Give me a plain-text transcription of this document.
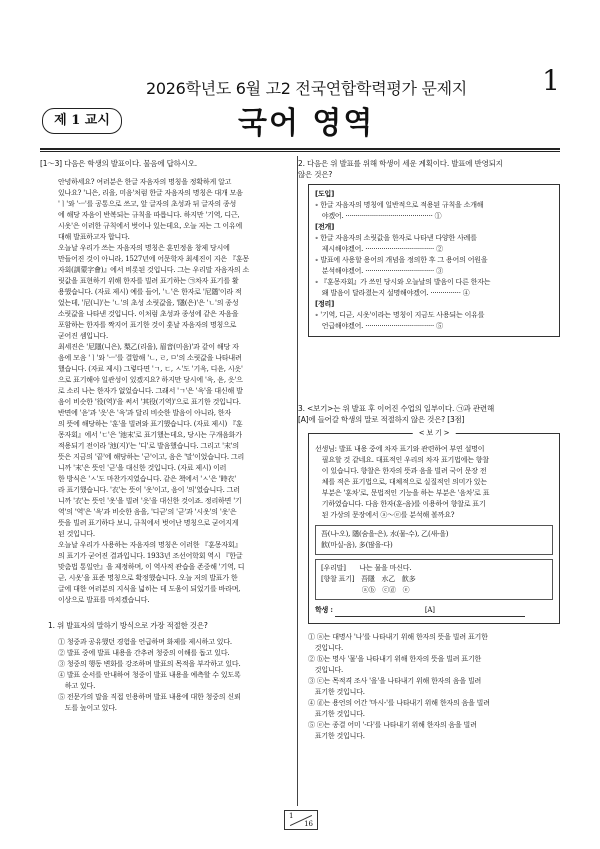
2026학년도 6월 고2 전국연합학력평가 문제지	1
제 1 교시	국어 영역
[1～3] 다음은 학생의 발표이다. 물음에 답하시오.
안녕하세요? 여러분은 한글 자음자의 명칭을 정확하게 알고
있나요? '니은, 리을, 미음'처럼 한글 자음자의 명칭은 대개 모음
'ㅣ'와 'ㅡ'를 공통으로 쓰고, 앞 글자의 초성과 뒤 글자의 종성
에 해당 자음이 반복되는 규칙을 따릅니다. 하지만 '기역, 디근,
시옷'은 이러한 규칙에서 벗어나 있는데요, 오늘 저는 그 이유에
대해 발표하고자 합니다.
오늘날 우리가 쓰는 자음자의 명칭은 훈민정음 창제 당시에
만들어진 것이 아니라, 1527년에 어문학자 최세진이 지은 『훈몽
자회(訓蒙字會)』에서 비롯된 것입니다. 그는 우리말 자음자의 소
릿값을 표현하기 위해 한자를 빌려 표기하는 ㉠차자 표기를 활
용했습니다. (자료 제시) 예를 들어, 'ㄴ'은 한자로 '尼隱'이라 적
었는데, '尼(니)'는 'ㄴ'의 초성 소릿값을, '隱(은)'은 'ㄴ'의 종성
소릿값을 나타낸 것입니다. 이처럼 초성과 종성에 같은 자음을
포함하는 한자를 짝지어 표기한 것이 훗날 자음자의 명칭으로
굳어진 셈입니다.
최세진은 '尼隱(니은), 梨乙(리을), 眉音(미음)'과 같이 해당 자
음에 모음 'ㅣ'와 'ㅡ'를 결합해 'ㄴ, ㄹ, ㅁ'의 소릿값을 나타내려
했습니다. (자료 제시) 그렇다면 'ㄱ, ㄷ, ㅅ'도 '기윽, 디읃, 시읏'
으로 표기해야 일관성이 있겠지요? 하지만 당시에 '윽, 읃, 읏'으
로 소리 나는 한자가 없었습니다. 그래서 'ㄱ'은 '윽'을 대신해 발
음이 비슷한 '役(역)'을 써서 '其役(기역)'으로 표기한 것입니다.
반면에 '읃'과 '읏'은 '윽'과 달리 비슷한 발음이 아니라, 한자
의 뜻에 해당하는 '훈'을 빌려와 표기했습니다. (자료 제시) 『훈
몽자회』에서 'ㄷ'은 '池末'로 표기했는데요, 당시는 구개음화가
적용되기 전이라 '池(지)'는 '디'로 발음했습니다. 그리고 '末'의
뜻은 지금의 '끝'에 해당하는 '귿'이고, 음은 '말'이었습니다. 그리
니까 '末'은 뜻인 '귿'을 대신한 것입니다. (자료 제시) 이러
한 방식은 'ㅅ'도 마찬가지였습니다. 같은 책에서 'ㅅ'은 '時衣'
라 표기했습니다. '衣'는 뜻이 '옷'이고, 음이 '의'였습니다. 그러
니까 '衣'는 뜻인 '옷'을 빌려 '읏'을 대신한 것이죠. 정리하면 '기
역'의 '역'은 '윽'과 비슷한 음을, '디귿'의 '귿'과 '시옷'의 '옷'은
뜻을 빌려 표기하다 보니, 규칙에서 벗어난 명칭으로 굳어지게
된 것입니다.
오늘날 우리가 사용하는 자음자의 명칭은 이러한 『훈몽자회』
의 표기가 굳어진 결과입니다. 1933년 조선어학회 역시 『한글
맞춤법 통일안』을 제정하며, 이 역사적 관습을 존중해 '기역, 디
귿, 시옷'을 표준 명칭으로 확정했습니다. 오늘 저의 발표가 한
글에 대한 여러분의 지식을 넓히는 데 도움이 되었기를 바라며,
이상으로 발표를 마치겠습니다.
1. 위 발표자의 말하기 방식으로 가장 적절한 것은?
① 청중과 공유했던 경험을 언급하며 화제를 제시하고 있다.
② 발표 중에 발표 내용을 간추려 청중의 이해를 돕고 있다.
③ 청중의 행동 변화를 강조하며 발표의 목적을 부각하고 있다.
④ 발표 순서를 안내하여 청중이 발표 내용을 예측할 수 있도록
　하고 있다.
⑤ 전문가의 말을 직접 인용하며 발표 내용에 대한 청중의 신뢰
　도를 높이고 있다.
2. 다음은 위 발표를 위해 학생이 세운 계획이다. 발표에 반영되지
않은 것은?
[도입]
∘ 한글 자음자의 명칭에 일반적으로 적용된 규칙을 소개해
　야겠어. ··········································· ①
[전개]
∘ 한글 자음자의 소릿값을 한자로 나타낸 다양한 사례를
　제시해야겠어. ·································· ②
∘ 발표에 사용할 용어의 개념을 정의한 후 그 용어의 어원을
　분석해야겠어. ·································· ③
∘ 『훈몽자회』가 쓰인 당시와 오늘날의 발음이 다른 한자는
　왜 발음이 달라졌는지 설명해야겠어. ··············· ④
[정리]
∘ '기역, 디귿, 시옷'이라는 명칭이 지금도 사용되는 이유를
　언급해야겠어. ·································· ⑤
3. <보기>는 위 발표 후 이어진 수업의 일부이다. ㉠과 관련해
[A]에 들어갈 학생의 말로 적절하지 않은 것은? [3점]
< 보 기 >
선생님: 발표 내용 중에 차자 표기와 관련하여 부연 설명이
　필요할 것 같네요. 대표적인 우리의 차자 표기법에는 향찰
　이 있습니다. 향찰은 한자의 뜻과 음을 빌려 국어 문장 전
　체를 적은 표기법으로, 대체적으로 실질적인 의미가 있는
　부분은 '훈차'로, 문법적인 기능을 하는 부분은 '음차'로 표
　기하였습니다. 다음 한자(훈-음)를 이용하여 향찰로 표기
　된 가상의 문장에서 ⓐ～ⓔ를 분석해 볼까요?
吾(나-오), 隱(숨을-은), 水(물-수), 乙(새-을)
飮(마실-음), 多(많을-다)
[우리말]　　나는 물을 마신다.
[향찰 표기]　吾隱　水乙　飮多
　　　　　　ⓐⓑ　ⓒⓓ　ⓔ
학생 :	[A]
① ⓐ는 대명사 '나'를 나타내기 위해 한자의 뜻을 빌려 표기한
　것입니다.
② ⓑ는 명사 '물'을 나타내기 위해 한자의 뜻을 빌려 표기한
　것입니다.
③ ⓒ는 목적격 조사 '을'을 나타내기 위해 한자의 음을 빌려
　표기한 것입니다.
④ ⓓ는 용언의 어간 '마시-'를 나타내기 위해 한자의 음을 빌려
　표기한 것입니다.
⑤ ⓔ는 종결 어미 '-다'를 나타내기 위해 한자의 음을 빌려
　표기한 것입니다.
1
16
